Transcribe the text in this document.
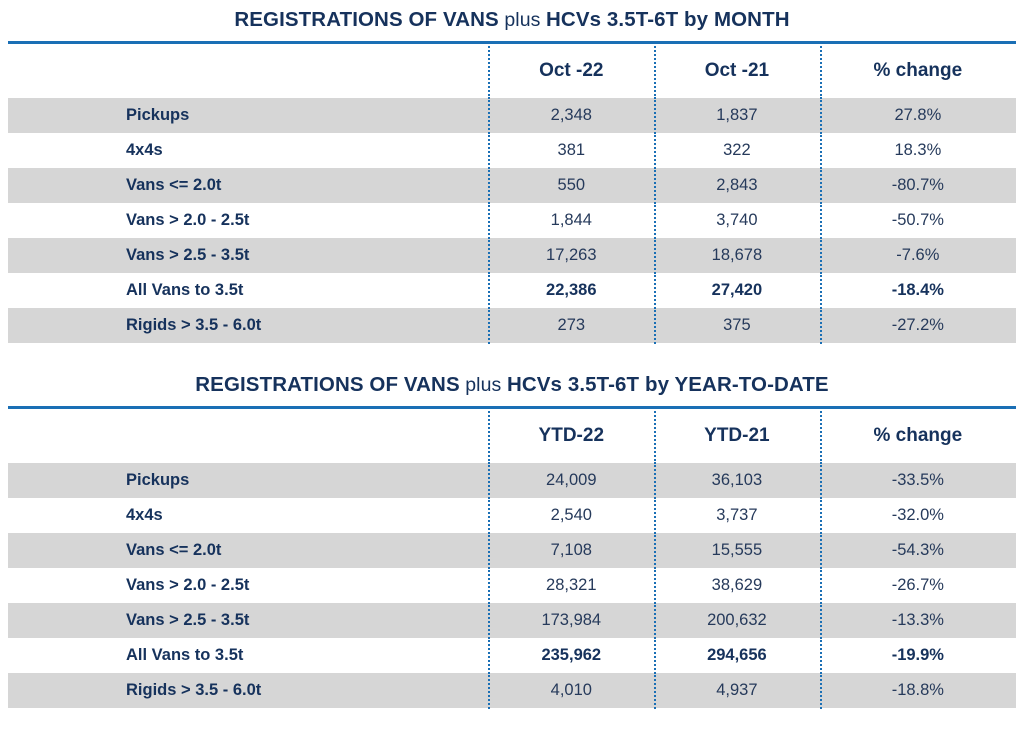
REGISTRATIONS OF VANS plus HCVs 3.5T-6T by MONTH
	Oct -22	Oct -21	% change
Pickups	2,348	1,837	27.8%
4x4s	381	322	18.3%
Vans <= 2.0t	550	2,843	-80.7%
Vans > 2.0 - 2.5t	1,844	3,740	-50.7%
Vans > 2.5 - 3.5t	17,263	18,678	-7.6%
All Vans to 3.5t	22,386	27,420	-18.4%
Rigids > 3.5 - 6.0t	273	375	-27.2%
REGISTRATIONS OF VANS plus HCVs 3.5T-6T by YEAR-TO-DATE
	YTD-22	YTD-21	% change
Pickups	24,009	36,103	-33.5%
4x4s	2,540	3,737	-32.0%
Vans <= 2.0t	7,108	15,555	-54.3%
Vans > 2.0 - 2.5t	28,321	38,629	-26.7%
Vans > 2.5 - 3.5t	173,984	200,632	-13.3%
All Vans to 3.5t	235,962	294,656	-19.9%
Rigids > 3.5 - 6.0t	4,010	4,937	-18.8%
